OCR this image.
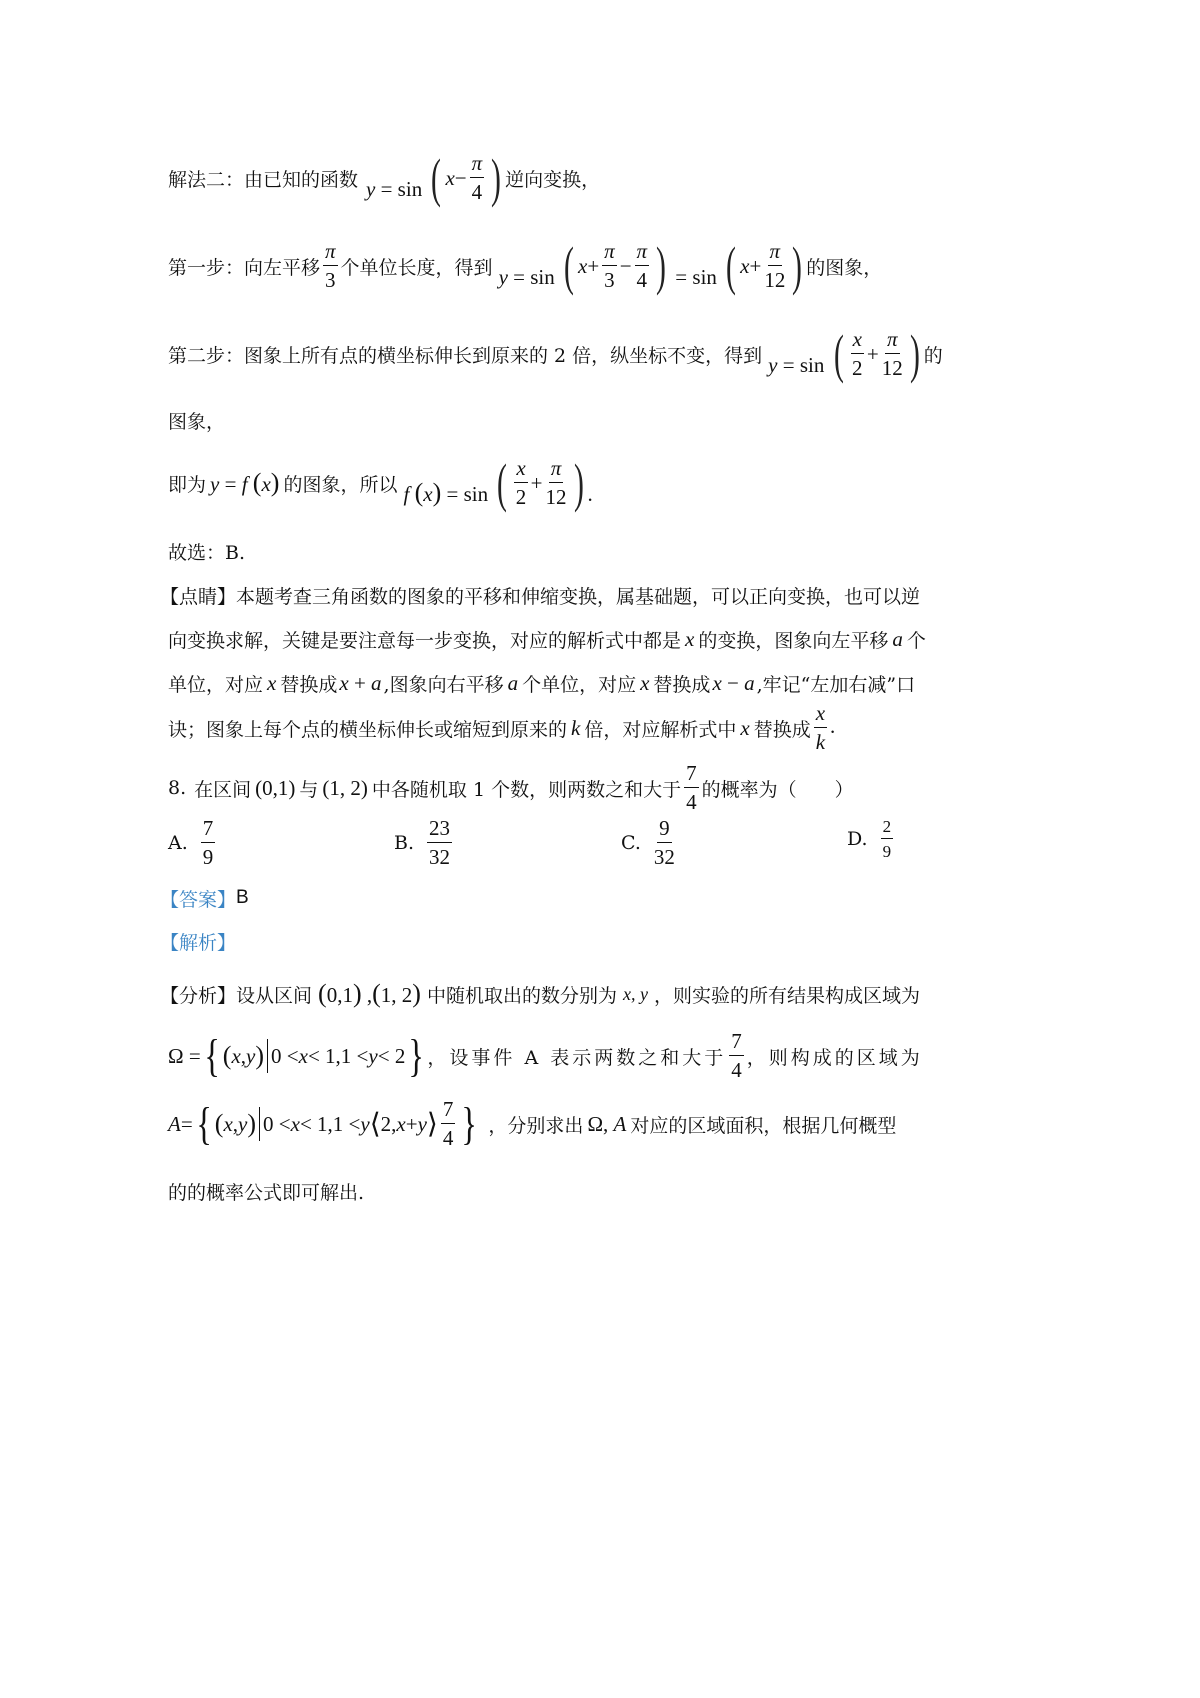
解法二：由已知的函数 y = sin ( x −
π
4 ) 逆向变换，
第一步：向左平移 $\frac{\pi}{3}$ 个单位长度，得到 y = sin ( x +
π
3
−
π
4 ) = sin ( x +
π
12 ) 的图象，
第二步：图象上所有点的横坐标伸长到原来的 2 倍，纵坐标不变，得到 y = sin ( x
2
+
π
12 ) 的
图象，
即为 y = f (x) 的图象，所以 f (x) = sin ( x
2
+
π
12 ) .
故选：B.
【点睛】本题考查三角函数的图象的平移和伸缩变换，属基础题，可以正向变换，也可以逆
向变换求解，关键是要注意每一步变换，对应的解析式中都是 x 的变换，图象向左平移 a 个
单位，对应 x 替换成 x + a ,图象向右平移 a 个单位，对应 x 替换成 x − a ,牢记“左加右减”口
诀；图象上每个点的横坐标伸长或缩短到原来的 k 倍，对应解析式中 x 替换成 $\frac{x}{k}$ .
8. 在区间 (0,1) 与 (1, 2) 中各随机取 1 个数，则两数之和大于 $\frac{7}{4}$ 的概率为（　　）
A.
7
9
B.
23
32
C.
9
32
D.
2
9
【答案】 B
【解析】
【分析】设从区间 (0,1) ,(1, 2) 中随机取出的数分别为 x, y ，则实验的所有结果构成区域为
Ω = { ( x , y ) 0 < x < 1,1 < y < 2 } ，设事件 A 表示两数之和大于 $\frac{7}{4}$ ，则构成的区域为
A = { ( x , y ) 0 < x < 1,1 < y ⟨ 2, x + y ⟩ 7
4 } ，分别求出 Ω, A 对应的区域面积，根据几何概型
的的概率公式即可解出.
